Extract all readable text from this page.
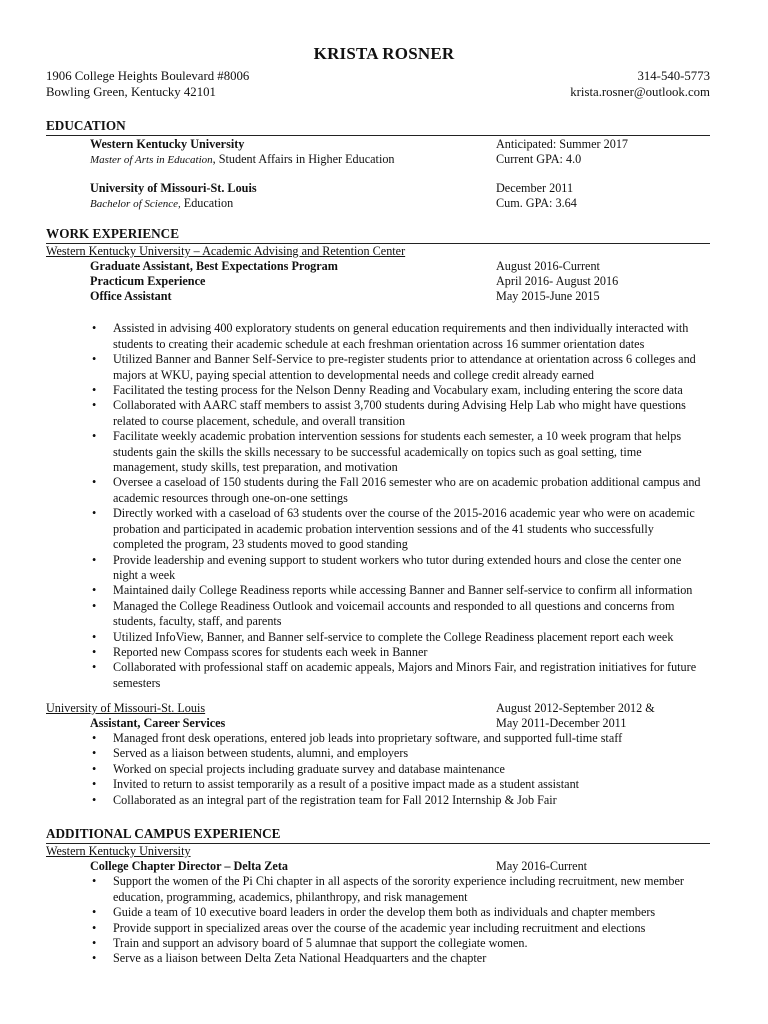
KRISTA ROSNER
1906 College Heights Boulevard #8006
Bowling Green, Kentucky 42101
314-540-5773
krista.rosner@outlook.com
EDUCATION
Western Kentucky University	Anticipated: Summer 2017
Master of Arts in Education, Student Affairs in Higher Education	Current GPA: 4.0
University of Missouri-St. Louis	December 2011
Bachelor of Science, Education	Cum. GPA: 3.64
WORK EXPERIENCE
Western Kentucky University – Academic Advising and Retention Center
Graduate Assistant, Best Expectations Program	August 2016-Current
Practicum Experience	April 2016- August 2016
Office Assistant	May 2015-June 2015
• Assisted in advising 400 exploratory students on general education requirements and then individually interacted with students to creating their academic schedule at each freshman orientation across 16 summer orientation dates
• Utilized Banner and Banner Self-Service to pre-register students prior to attendance at orientation across 6 colleges and majors at WKU, paying special attention to developmental needs and college credit already earned
• Facilitated the testing process for the Nelson Denny Reading and Vocabulary exam, including entering the score data
• Collaborated with AARC staff members to assist 3,700 students during Advising Help Lab who might have questions related to course placement, schedule, and overall transition
• Facilitate weekly academic probation intervention sessions for students each semester, a 10 week program that helps students gain the skills the skills necessary to be successful academically on topics such as goal setting, time management, study skills, test preparation, and motivation
• Oversee a caseload of 150 students during the Fall 2016 semester who are on academic probation additional campus and academic resources through one-on-one settings
• Directly worked with a caseload of 63 students over the course of the 2015-2016 academic year who were on academic probation and participated in academic probation intervention sessions and of the 41 students who successfully completed the program, 23 students moved to good standing
• Provide leadership and evening support to student workers who tutor during extended hours and close the center one night a week
• Maintained daily College Readiness reports while accessing Banner and Banner self-service to confirm all information
• Managed the College Readiness Outlook and voicemail accounts and responded to all questions and concerns from students, faculty, staff, and parents
• Utilized InfoView, Banner, and Banner self-service to complete the College Readiness placement report each week
• Reported new Compass scores for students each week in Banner
• Collaborated with professional staff on academic appeals, Majors and Minors Fair, and registration initiatives for future semesters
University of Missouri-St. Louis	August 2012-September 2012 &
Assistant, Career Services	May 2011-December 2011
• Managed front desk operations, entered job leads into proprietary software, and supported full-time staff
• Served as a liaison between students, alumni, and employers
• Worked on special projects including graduate survey and database maintenance
• Invited to return to assist temporarily as a result of a positive impact made as a student assistant
• Collaborated as an integral part of the registration team for Fall 2012 Internship & Job Fair
ADDITIONAL CAMPUS EXPERIENCE
Western Kentucky University
College Chapter Director – Delta Zeta	May 2016-Current
• Support the women of the Pi Chi chapter in all aspects of the sorority experience including recruitment, new member education, programming, academics, philanthropy, and risk management
• Guide a team of 10 executive board leaders in order the develop them both as individuals and chapter members
• Provide support in specialized areas over the course of the academic year including recruitment and elections
• Train and support an advisory board of 5 alumnae that support the collegiate women.
• Serve as a liaison between Delta Zeta National Headquarters and the chapter
